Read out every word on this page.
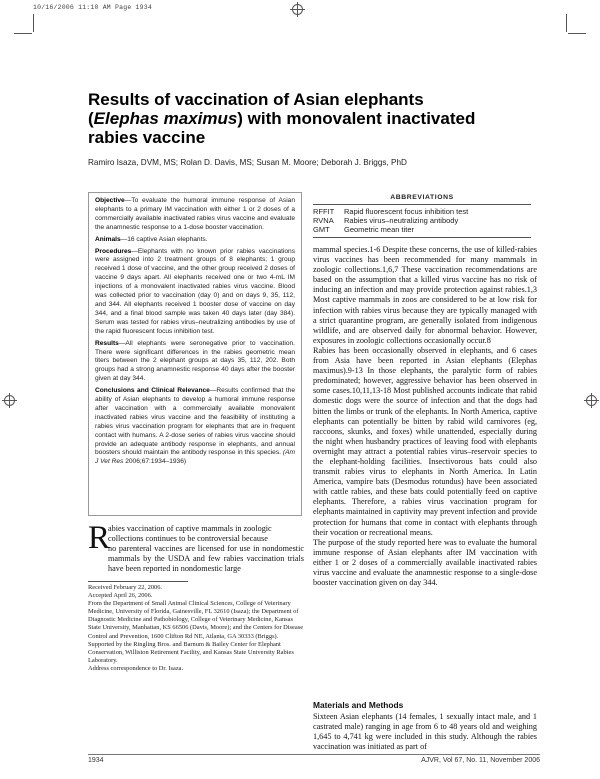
10/16/2006 11:10 AM Page 1934
Results of vaccination of Asian elephants
(Elephas maximus) with monovalent inactivated
rabies vaccine
Ramiro Isaza, DVM, MS; Rolan D. Davis, MS; Susan M. Moore; Deborah J. Briggs, PhD

Objective—To evaluate the humoral immune response of Asian elephants to a primary IM vaccination with either 1 or 2 doses of a commercially available inactivated rabies virus vaccine and evaluate the anamnestic response to a 1-dose booster vaccination.

Animals—16 captive Asian elephants.

Procedures—Elephants with no known prior rabies vaccinations were assigned into 2 treatment groups of 8 elephants; 1 group received 1 dose of vaccine, and the other group received 2 doses of vaccine 9 days apart. All elephants received one or two 4-mL IM injections of a monovalent inactivated rabies virus vaccine. Blood was collected prior to vaccination (day 0) and on days 9, 35, 112, and 344. All elephants received 1 booster dose of vaccine on day 344, and a final blood sample was taken 40 days later (day 384). Serum was tested for rabies virus–neutralizing antibodies by use of the rapid fluorescent focus inhibition test.

Results—All elephants were seronegative prior to vaccination. There were significant differences in the rabies geometric mean titers between the 2 elephant groups at days 35, 112, 202. Both groups had a strong anamnestic response 40 days after the booster given at day 344.

Conclusions and Clinical Relevance—Results confirmed that the ability of Asian elephants to develop a humoral immune response after vaccination with a commercially available monovalent inactivated rabies virus vaccine and the feasibility of instituting a rabies virus vaccination program for elephants that are in frequent contact with humans. A 2-dose series of rabies virus vaccine should provide an adequate antibody response in elephants, and annual boosters should maintain the antibody response in this species. (Am J Vet Res 2006;67:1934–1936)

ABBREVIATIONS
RFFIT	Rapid fluorescent focus inhibition test
RVNA	Rabies virus–neutralizing antibody
GMT	Geometric mean titer
R
abies vaccination of captive mammals in zoologic
collections continues to be controversial because
no parenteral vaccines are licensed for use in nondomestic mammals by the USDA and few rabies vaccination trials have been reported in nondomestic large
Received February 22, 2006.
Accepted April 26, 2006.
From the Department of Small Animal Clinical Sciences, College of Veterinary Medicine, University of Florida, Gainesville, FL 32610 (Isaza); the Department of Diagnostic Medicine and Pathobiology, College of Veterinary Medicine, Kansas State University, Manhattan, KS 66506 (Davis, Moore); and the Centers for Disease Control and Prevention, 1600 Clifton Rd NE, Atlanta, GA 30333 (Briggs).
Supported by the Ringling Bros. and Barnum & Bailey Center for Elephant Conservation, Williston Retirement Facility, and Kansas State University Rabies Laboratory.
Address correspondence to Dr. Isaza.
mammal species.1-6 Despite these concerns, the use of killed-rabies virus vaccines has been recommended for many mammals in zoologic collections.1,6,7 These vaccination recommendations are based on the assumption that a killed virus vaccine has no risk of inducing an infection and may provide protection against rabies.1,3 Most captive mammals in zoos are considered to be at low risk for infection with rabies virus because they are typically managed with a strict quarantine program, are generally isolated from indigenous wildlife, and are observed daily for abnormal behavior. However, exposures in zoologic collections occasionally occur.8
Rabies has been occasionally observed in elephants, and 6 cases from Asia have been reported in Asian elephants (Elephas maximus).9-13 In those elephants, the paralytic form of rabies predominated; however, aggressive behavior has been observed in some cases.10,11,13-18 Most published accounts indicate that rabid domestic dogs were the source of infection and that the dogs had bitten the limbs or trunk of the elephants. In North America, captive elephants can potentially be bitten by rabid wild carnivores (eg, raccoons, skunks, and foxes) while unattended, especially during the night when husbandry practices of leaving food with elephants overnight may attract a potential rabies virus–reservoir species to the elephant-holding facilities. Insectivorous bats could also transmit rabies virus to elephants in North America. In Latin America, vampire bats (Desmodus rotundus) have been associated with cattle rabies, and these bats could potentially feed on captive elephants. Therefore, a rabies virus vaccination program for elephants maintained in captivity may prevent infection and provide protection for humans that come in contact with elephants through their vocation or recreational means.
The purpose of the study reported here was to evaluate the humoral immune response of Asian elephants after IM vaccination with either 1 or 2 doses of a commercially available inactivated rabies virus vaccine and evaluate the anamnestic response to a single-dose booster vaccination given on day 344.
Materials and Methods
Sixteen Asian elephants (14 females, 1 sexually intact male, and 1 castrated male) ranging in age from 6 to 48 years old and weighing 1,645 to 4,741 kg were included in this study. Although the rabies vaccination was initiated as part of
1934	AJVR, Vol 67, No. 11, November 2006
